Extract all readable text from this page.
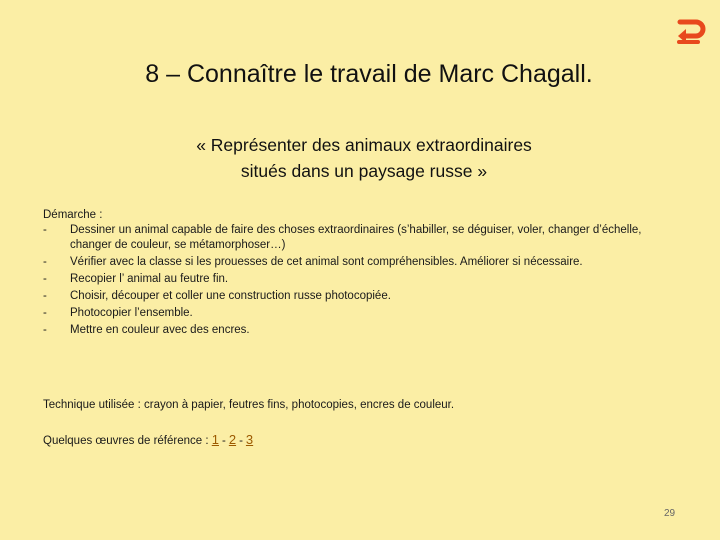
8 – Connaître le travail de Marc Chagall.
« Représenter des animaux extraordinaires
situés dans un paysage russe »
Démarche :
- Dessiner un animal capable de faire des choses extraordinaires (s’habiller, se déguiser, voler, changer d’échelle, changer de couleur, se métamorphoser…)
- Vérifier avec la classe si les prouesses de cet animal sont compréhensibles. Améliorer si nécessaire.
- Recopier l’ animal au feutre fin.
- Choisir, découper et coller une construction russe photocopiée.
- Photocopier l’ensemble.
- Mettre en couleur avec des encres.
Technique utilisée : crayon à papier, feutres fins, photocopies, encres de couleur.
Quelques œuvres de référence : 1 - 2 - 3
29
